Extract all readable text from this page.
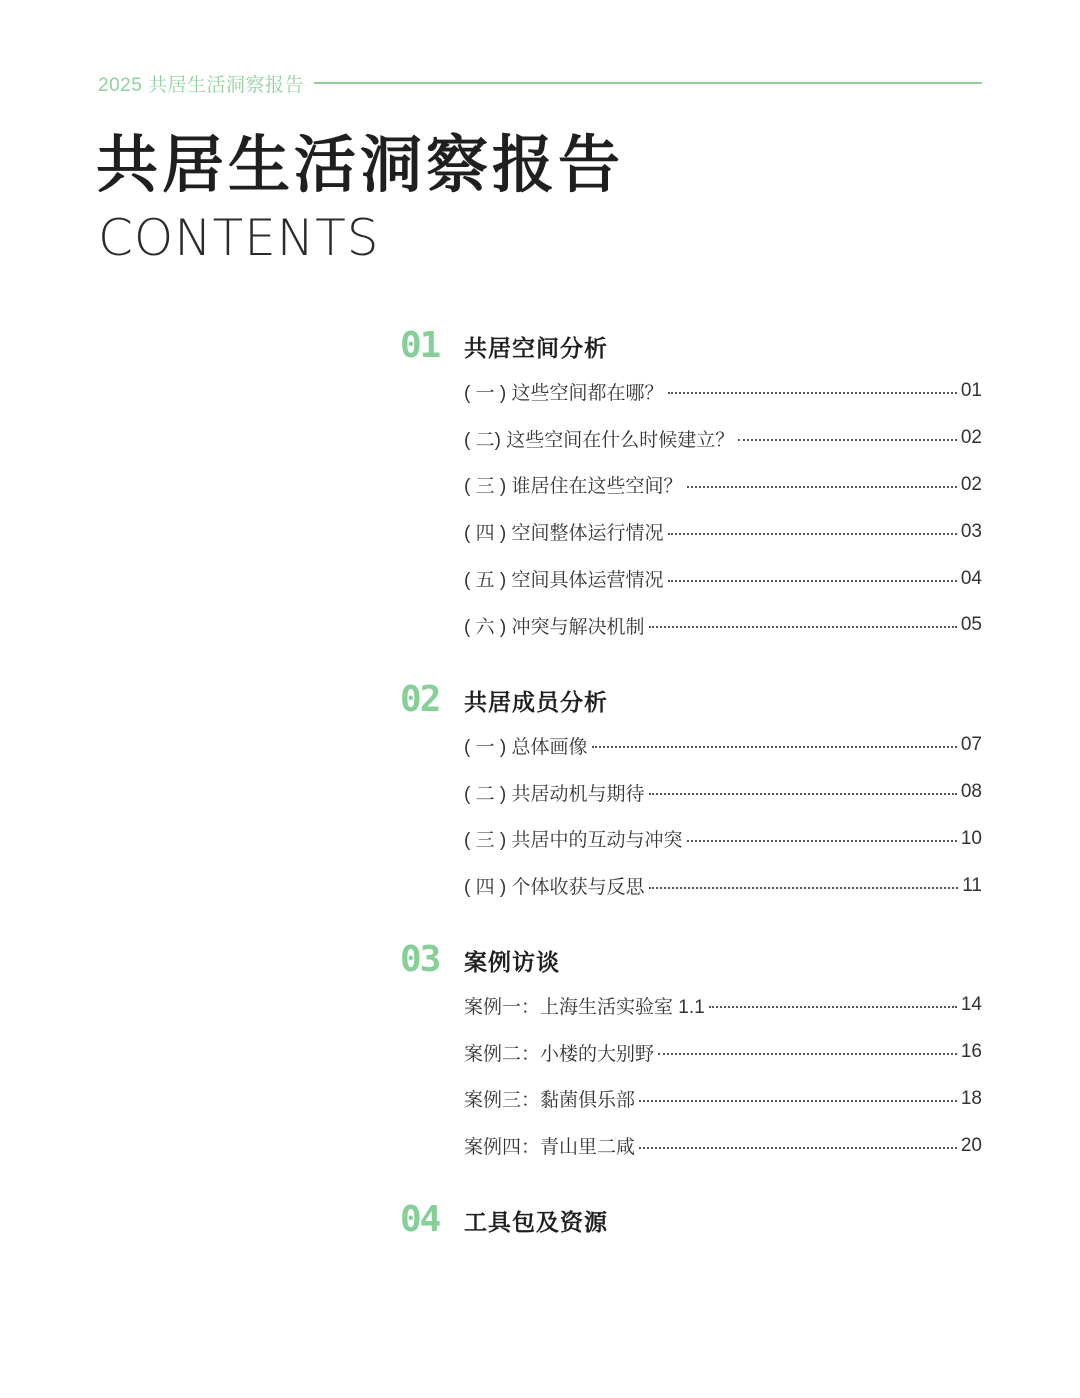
2025 共居生活洞察报告
共居生活洞察报告
CONTENTS
01	共居空间分析
( 一 ) 这些空间都在哪？	01
( 二) 这些空间在什么时候建立？	02
( 三 ) 谁居住在这些空间？	02
( 四 ) 空间整体运行情况	03
( 五 ) 空间具体运营情况	04
( 六 ) 冲突与解决机制	05
02	共居成员分析
( 一 ) 总体画像	07
( 二 ) 共居动机与期待	08
( 三 ) 共居中的互动与冲突	10
( 四 ) 个体收获与反思	11
03	案例访谈
案例一：上海生活实验室 1.1	14
案例二：小楼的大别野	16
案例三：黏菌俱乐部	18
案例四：青山里二咸	20
04	工具包及资源
